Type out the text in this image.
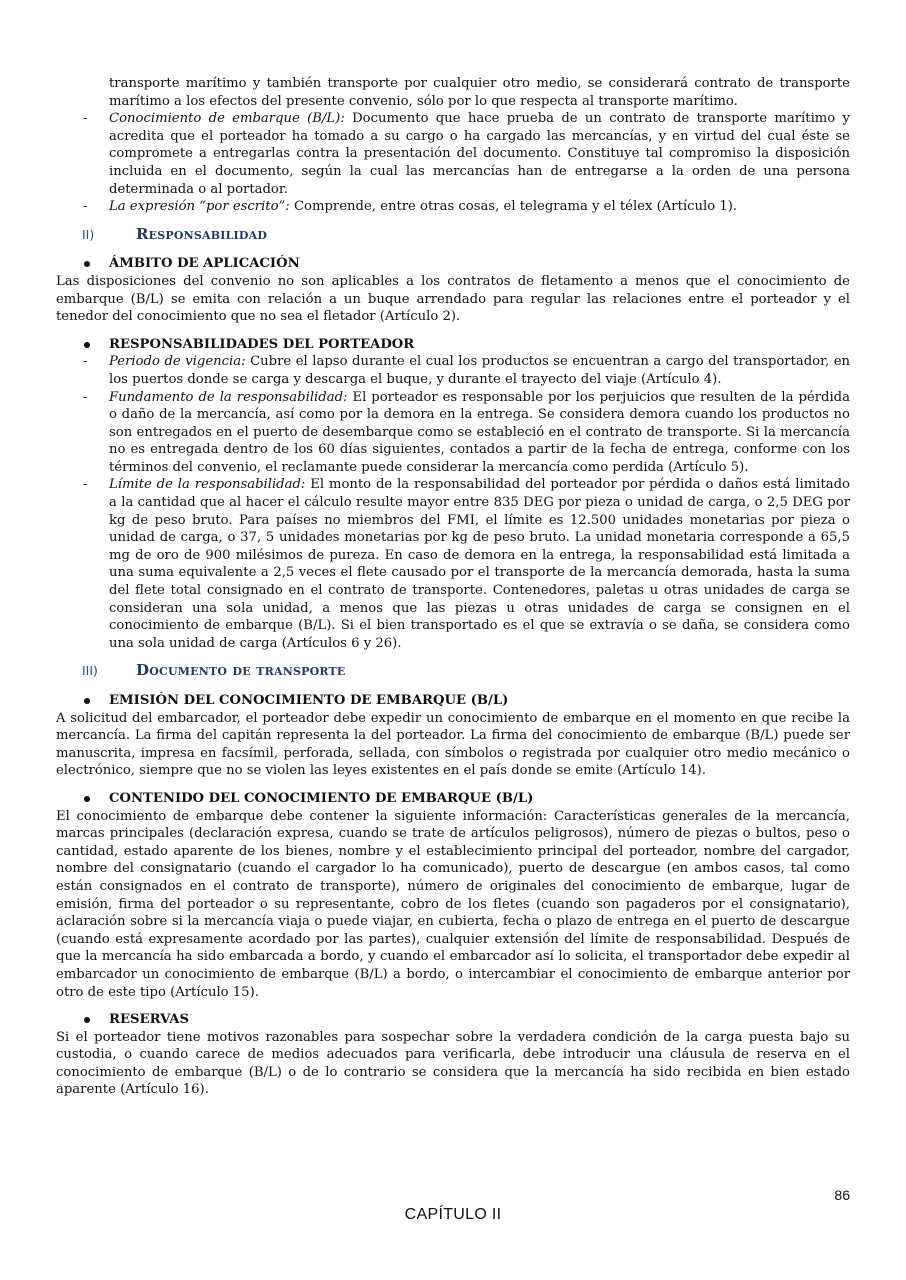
transporte marítimo y también transporte por cualquier otro medio, se considerará contrato de transporte marítimo a los efectos del presente convenio, sólo por lo que respecta al transporte marítimo.

- Conocimiento de embarque (B/L): Documento que hace prueba de un contrato de transporte marítimo y acredita que el porteador ha tomado a su cargo o ha cargado las mercancías, y en virtud del cual éste se compromete a entregarlas contra la presentación del documento. Constituye tal compromiso la disposición incluida en el documento, según la cual las mercancías han de entregarse a la orden de una persona determinada o al portador.
- La expresión “por escrito”: Comprende, entre otras cosas, el telegrama y el télex (Artículo 1).
II)	Responsabilidad
ÁMBITO DE APLICACIÓN

Las disposiciones del convenio no son aplicables a los contratos de fletamento a menos que el conocimiento de embarque (B/L) se emita con relación a un buque arrendado para regular las relaciones entre el porteador y el tenedor del conocimiento que no sea el fletador (Artículo 2).

RESPONSABILIDADES DEL PORTEADOR
- Periodo de vigencia: Cubre el lapso durante el cual los productos se encuentran a cargo del transportador, en los puertos donde se carga y descarga el buque, y durante el trayecto del viaje (Artículo 4).
- Fundamento de la responsabilidad: El porteador es responsable por los perjuicios que resulten de la pérdida o daño de la mercancía, así como por la demora en la entrega. Se considera demora cuando los productos no son entregados en el puerto de desembarque como se estableció en el contrato de transporte. Si la mercancía no es entregada dentro de los 60 días siguientes, contados a partir de la fecha de entrega, conforme con los términos del convenio, el reclamante puede considerar la mercancía como perdida (Artículo 5).
- Límite de la responsabilidad: El monto de la responsabilidad del porteador por pérdida o daños está limitado a la cantidad que al hacer el cálculo resulte mayor entre 835 DEG por pieza o unidad de carga, o 2,5 DEG por kg de peso bruto. Para países no miembros del FMI, el límite es 12.500 unidades monetarias por pieza o unidad de carga, o 37, 5 unidades monetarias por kg de peso bruto. La unidad monetaria corresponde a 65,5 mg de oro de 900 milésimos de pureza. En caso de demora en la entrega, la responsabilidad está limitada a una suma equivalente a 2,5 veces el flete causado por el transporte de la mercancía demorada, hasta la suma del flete total consignado en el contrato de transporte. Contenedores, paletas u otras unidades de carga se consideran una sola unidad, a menos que las piezas u otras unidades de carga se consignen en el conocimiento de embarque (B/L). Si el bien transportado es el que se extravía o se daña, se considera como una sola unidad de carga (Artículos 6 y 26).
III)	Documento de transporte
EMISIÓN DEL CONOCIMIENTO DE EMBARQUE (B/L)

A solicitud del embarcador, el porteador debe expedir un conocimiento de embarque en el momento en que recibe la mercancía. La firma del capitán representa la del porteador. La firma del conocimiento de embarque (B/L) puede ser manuscrita, impresa en facsímil, perforada, sellada, con símbolos o registrada por cualquier otro medio mecánico o electrónico, siempre que no se violen las leyes existentes en el país donde se emite (Artículo 14).

CONTENIDO DEL CONOCIMIENTO DE EMBARQUE (B/L)

El conocimiento de embarque debe contener la siguiente información: Características generales de la mercancía, marcas principales (declaración expresa, cuando se trate de artículos peligrosos), número de piezas o bultos, peso o cantidad, estado aparente de los bienes, nombre y el establecimiento principal del porteador, nombre del cargador, nombre del consignatario (cuando el cargador lo ha comunicado), puerto de descargue (en ambos casos, tal como están consignados en el contrato de transporte), número de originales del conocimiento de embarque, lugar de emisión, firma del porteador o su representante, cobro de los fletes (cuando son pagaderos por el consignatario), aclaración sobre si la mercancía viaja o puede viajar, en cubierta, fecha o plazo de entrega en el puerto de descargue (cuando está expresamente acordado por las partes), cualquier extensión del límite de responsabilidad. Después de que la mercancía ha sido embarcada a bordo, y cuando el embarcador así lo solicita, el transportador debe expedir al embarcador un conocimiento de embarque (B/L) a bordo, o intercambiar el conocimiento de embarque anterior por otro de este tipo (Artículo 15).

RESERVAS

Si el porteador tiene motivos razonables para sospechar sobre la verdadera condición de la carga puesta bajo su custodia, o cuando carece de medios adecuados para verificarla, debe introducir una cláusula de reserva en el conocimiento de embarque (B/L) o de lo contrario se considera que la mercancía ha sido recibida en bien estado aparente (Artículo 16).

86
CAPÍTULO II
